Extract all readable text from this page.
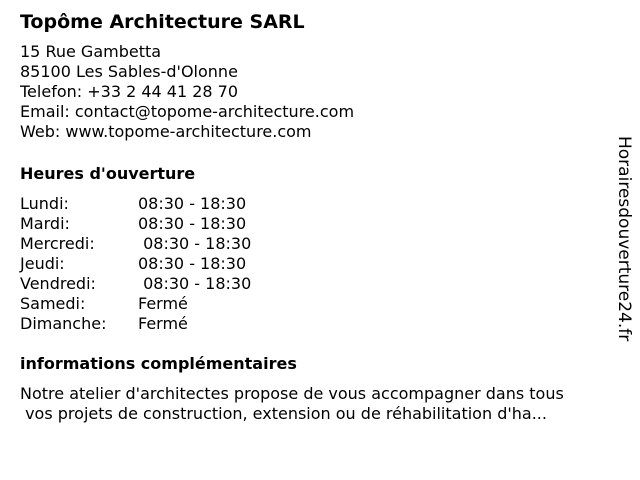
Topôme Architecture SARL
15 Rue Gambetta
85100 Les Sables-d'Olonne
Telefon: +33 2 44 41 28 70
Email: contact@topome-architecture.com
Web: www.topome-architecture.com
Heures d'ouverture
Lundi:	08:30 - 18:30
Mardi:	08:30 - 18:30
Mercredi:	08:30 - 18:30
Jeudi:	08:30 - 18:30
Vendredi:	08:30 - 18:30
Samedi:	Fermé
Dimanche:	Fermé
informations complémentaires
Notre atelier d'architectes propose de vous accompagner dans tous
vos projets de construction, extension ou de réhabilitation d'ha...
Horairesdouverture24.fr
